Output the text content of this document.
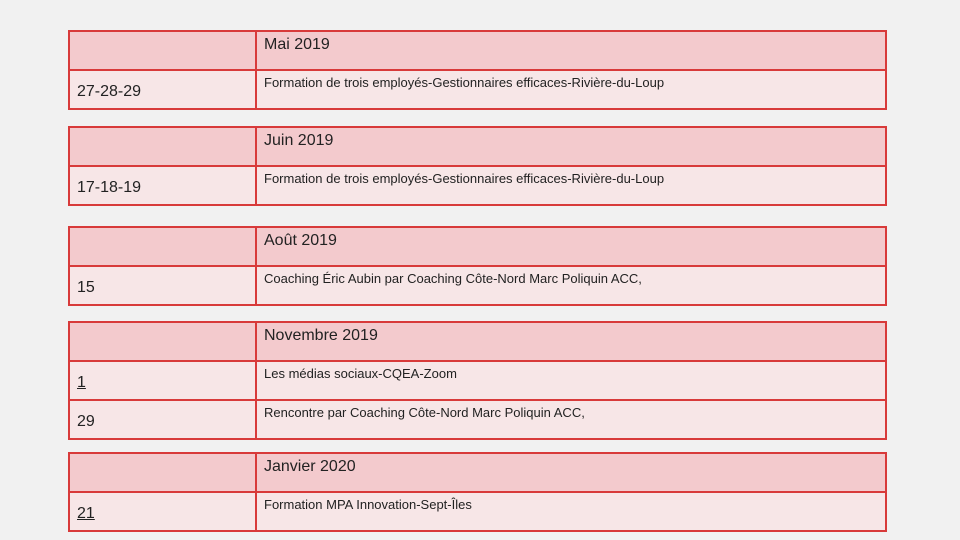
	Mai 2019
27-28-29	Formation de trois employés-Gestionnaires efficaces-Rivière-du-Loup
	Juin 2019
17-18-19	Formation de trois employés-Gestionnaires efficaces-Rivière-du-Loup
	Août 2019
15	Coaching Éric Aubin par Coaching Côte-Nord Marc Poliquin ACC,
	Novembre 2019
1	Les médias sociaux-CQEA-Zoom
29	Rencontre par Coaching Côte-Nord Marc Poliquin ACC,
	Janvier 2020
21	Formation MPA Innovation-Sept-Îles
